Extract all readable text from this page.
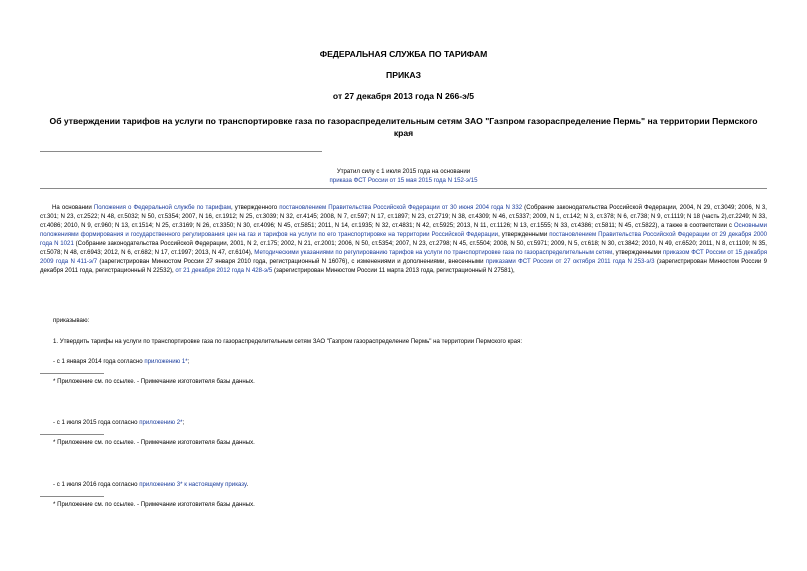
ФЕДЕРАЛЬНАЯ СЛУЖБА ПО ТАРИФАМ
ПРИКАЗ
от 27 декабря 2013 года N 266-э/5
Об утверждении тарифов на услуги по транспортировке газа по газораспределительным сетям ЗАО "Газпром газораспределение Пермь" на территории Пермского края
Утратил силу с 1 июля 2015 года на основании
приказа ФСТ России от 15 мая 2015 года N 152-э/15
На основании Положения о Федеральной службе по тарифам, утвержденного постановлением Правительства Российской Федерации от 30 июня 2004 года N 332 (Собрание законодательства Российской Федерации, 2004, N 29, ст.3049; 2006, N 3, ст.301; N 23, ст.2522; N 48, ст.5032; N 50, ст.5354; 2007, N 16, ст.1912; N 25, ст.3039; N 32, ст.4145; 2008, N 7, ст.597; N 17, ст.1897; N 23, ст.2719; N 38, ст.4309; N 46, ст.5337; 2009, N 1, ст.142; N 3, ст.378; N 6, ст.738; N 9, ст.1119; N 18 (часть 2),ст.2249; N 33, ст.4086; 2010, N 9, ст.960; N 13, ст.1514; N 25, ст.3169; N 26, ст.3350; N 30, ст.4096; N 45, ст.5851; 2011, N 14, ст.1935; N 32, ст.4831; N 42, ст.5925; 2013, N 11, ст.1126; N 13, ст.1555; N 33, ст.4386; ст.5811; N 45, ст.5822), а также в соответствии с Основными положениями формирования и государственного регулирования цен на газ и тарифов на услуги по его транспортировке на территории Российской Федерации, утвержденными постановлением Правительства Российской Федерации от 29 декабря 2000 года N 1021 (Собрание законодательства Российской Федерации, 2001, N 2, ст.175; 2002, N 21, ст.2001; 2006, N 50, ст.5354; 2007, N 23, ст.2798; N 45, ст.5504; 2008, N 50, ст.5971; 2009, N 5, ст.618; N 30, ст.3842; 2010, N 49, ст.6520; 2011, N 8, ст.1109; N 35, ст.5078; N 48, ст.6943; 2012, N 6, ст.682; N 17, ст.1997; 2013, N 47, ст.6104), Методическими указаниями по регулированию тарифов на услуги по транспортировке газа по газораспределительным сетям, утвержденными приказом ФСТ России от 15 декабря 2009 года N 411-э/7 (зарегистрирован Минюстом России 27 января 2010 года, регистрационный N 16076), с изменениями и дополнениями, внесенными приказами ФСТ России от 27 октября 2011 года N 253-э/3 (зарегистрирован Минюстом России 9 декабря 2011 года, регистрационный N 22532), от 21 декабря 2012 года N 428-э/5 (зарегистрирован Минюстом России 11 марта 2013 года, регистрационный N 27581),
приказываю:
1. Утвердить тарифы на услуги по транспортировке газа по газораспределительным сетям ЗАО "Газпром газораспределение Пермь" на территории Пермского края:
- с 1 января 2014 года согласно приложению 1*;
* Приложение см. по ссылке. - Примечание изготовителя базы данных.
- с 1 июля 2015 года согласно приложению 2*;
* Приложение см. по ссылке. - Примечание изготовителя базы данных.
- с 1 июля 2016 года согласно приложению 3* к настоящему приказу.
* Приложение см. по ссылке. - Примечание изготовителя базы данных.
